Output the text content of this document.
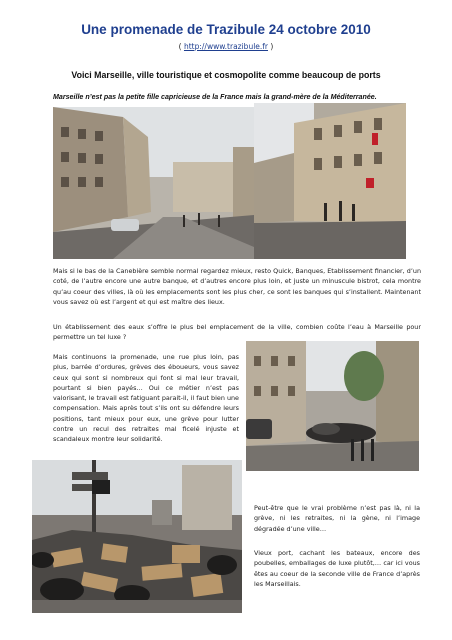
Une promenade de Trazibule 24 octobre 2010
( http://www.trazibule.fr )
Voici Marseille, ville touristique et cosmopolite comme beaucoup de ports
Marseille n’est pas la petite fille capricieuse de la France mais la grand-mère de la Méditerranée.
Mais si le bas de la Canebière semble normal regardez mieux, resto Quick, Banques, Etablissement financier, d’un coté, de l’autre encore une autre banque, et d’autres encore plus loin, et juste un minuscule bistrot, cela montre qu’au coeur des villes, là où les emplacements sont les plus cher, ce sont les banques qui s’installent. Maintenant vous savez où est l’argent et qui est maître des lieux.
Un établissement des eaux s’offre le plus bel emplacement de la ville, combien coûte l’eau à Marseille pour permettre un tel luxe ?
Mais continuons la promenade, une rue plus loin, pas plus, barrée d’ordures, grèves des éboueurs, vous savez ceux qui sont si nombreux qui font si mal leur travail, pourtant si bien payés… Oui ce métier n’est pas valorisant, le travail est fatiguant parait-il, il faut bien une compensation. Mais après tout s’ils ont su défendre leurs positions, tant mieux pour eux, une grève pour lutter contre un recul des retraites mal ficelé injuste et scandaleux montre leur solidarité.
Peut-être que le vrai problème n’est pas là, ni la grève, ni les retraites, ni la gène, ni l’image dégradée d’une ville…
Vieux port, cachant les bateaux, encore des poubelles, emballages de luxe plutôt,… car ici vous êtes au coeur de la seconde ville de France d’après les Marseillais.
